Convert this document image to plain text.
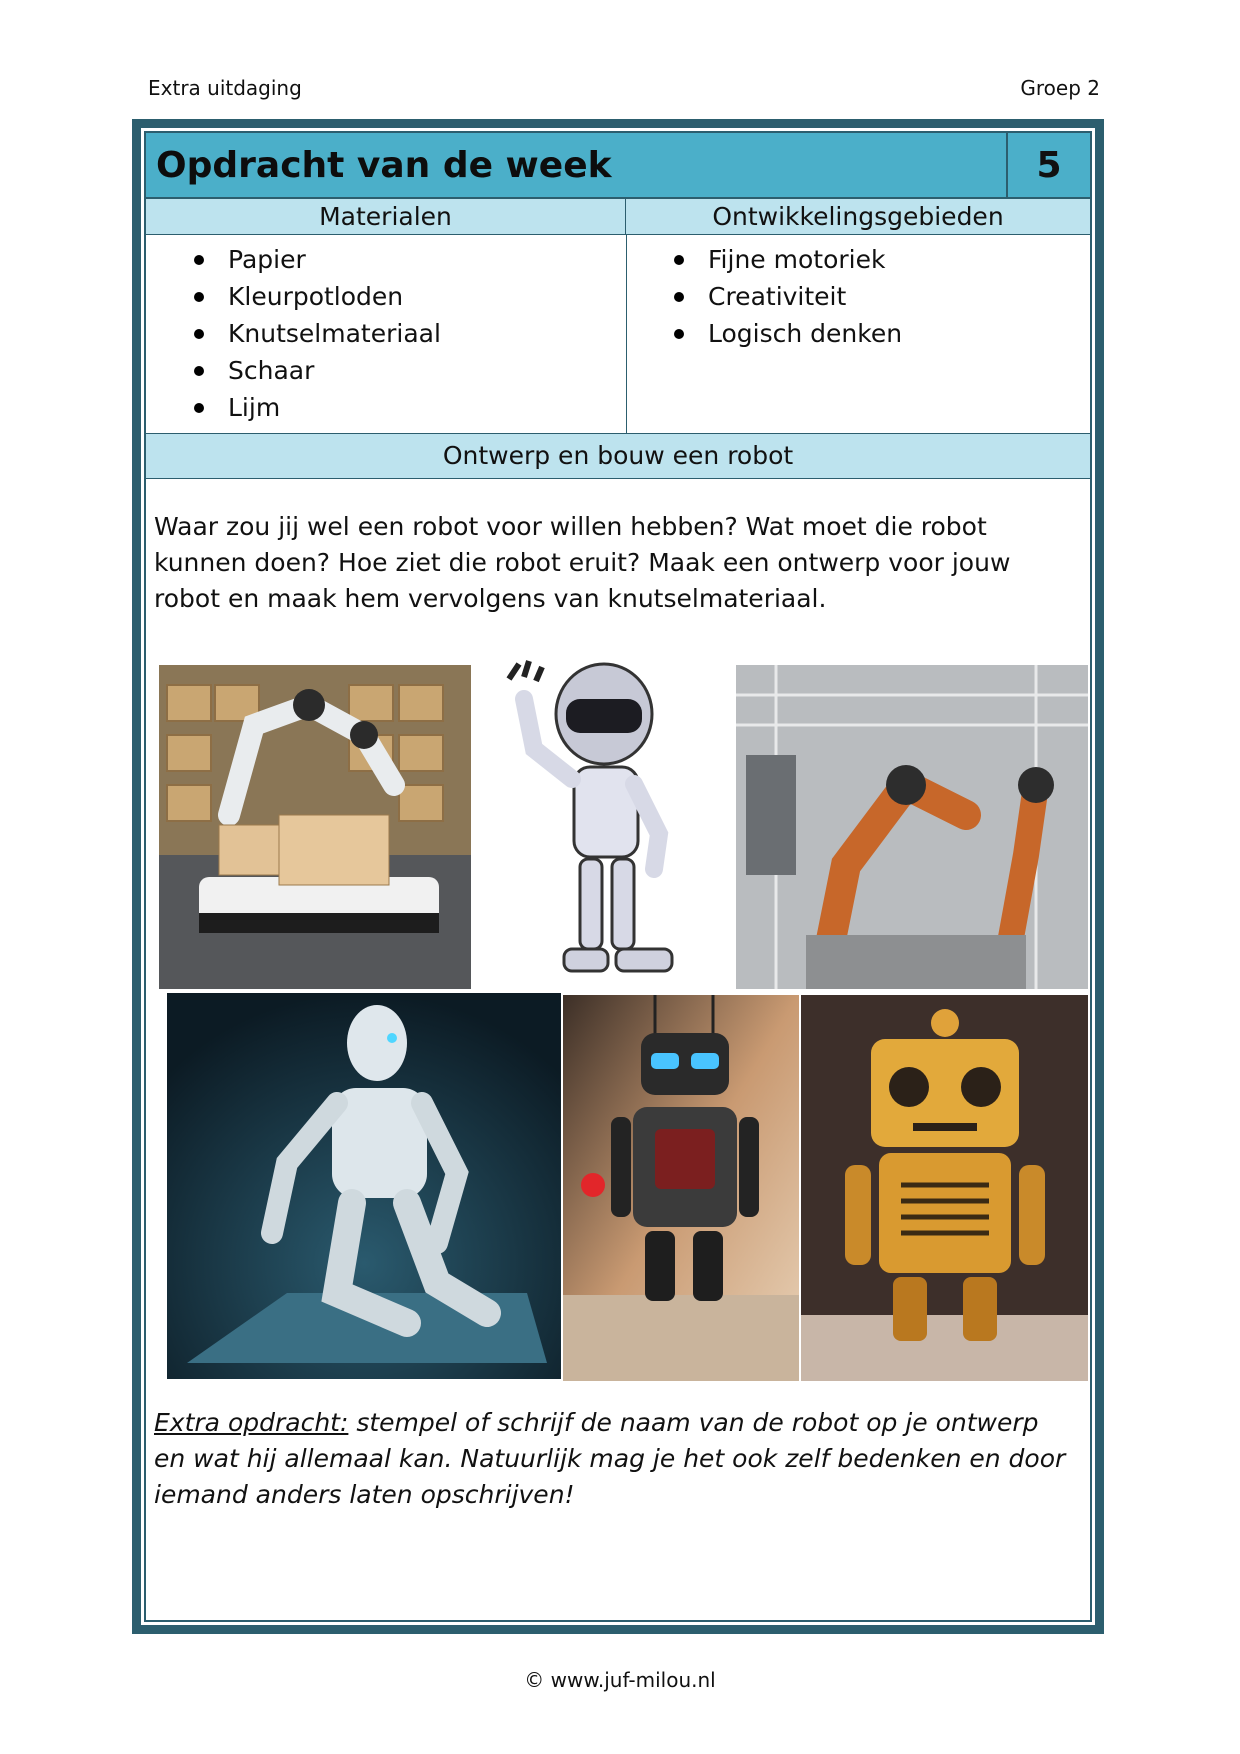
Extra uitdaging	Groep 2
Opdracht van de week	5
Materialen	Ontwikkelingsgebieden
Papier
Kleurpotloden
Knutselmateriaal
Schaar
Lijm
Fijne motoriek
Creativiteit
Logisch denken
Ontwerp en bouw een robot

Waar zou jij wel een robot voor willen hebben? Wat moet die robot kunnen doen? Hoe ziet die robot eruit? Maak een ontwerp voor jouw robot en maak hem vervolgens van knutselmateriaal.

Extra opdracht: stempel of schrijf de naam van de robot op je ontwerp en wat hij allemaal kan. Natuurlijk mag je het ook zelf bedenken en door iemand anders laten opschrijven!

© www.juf-milou.nl
